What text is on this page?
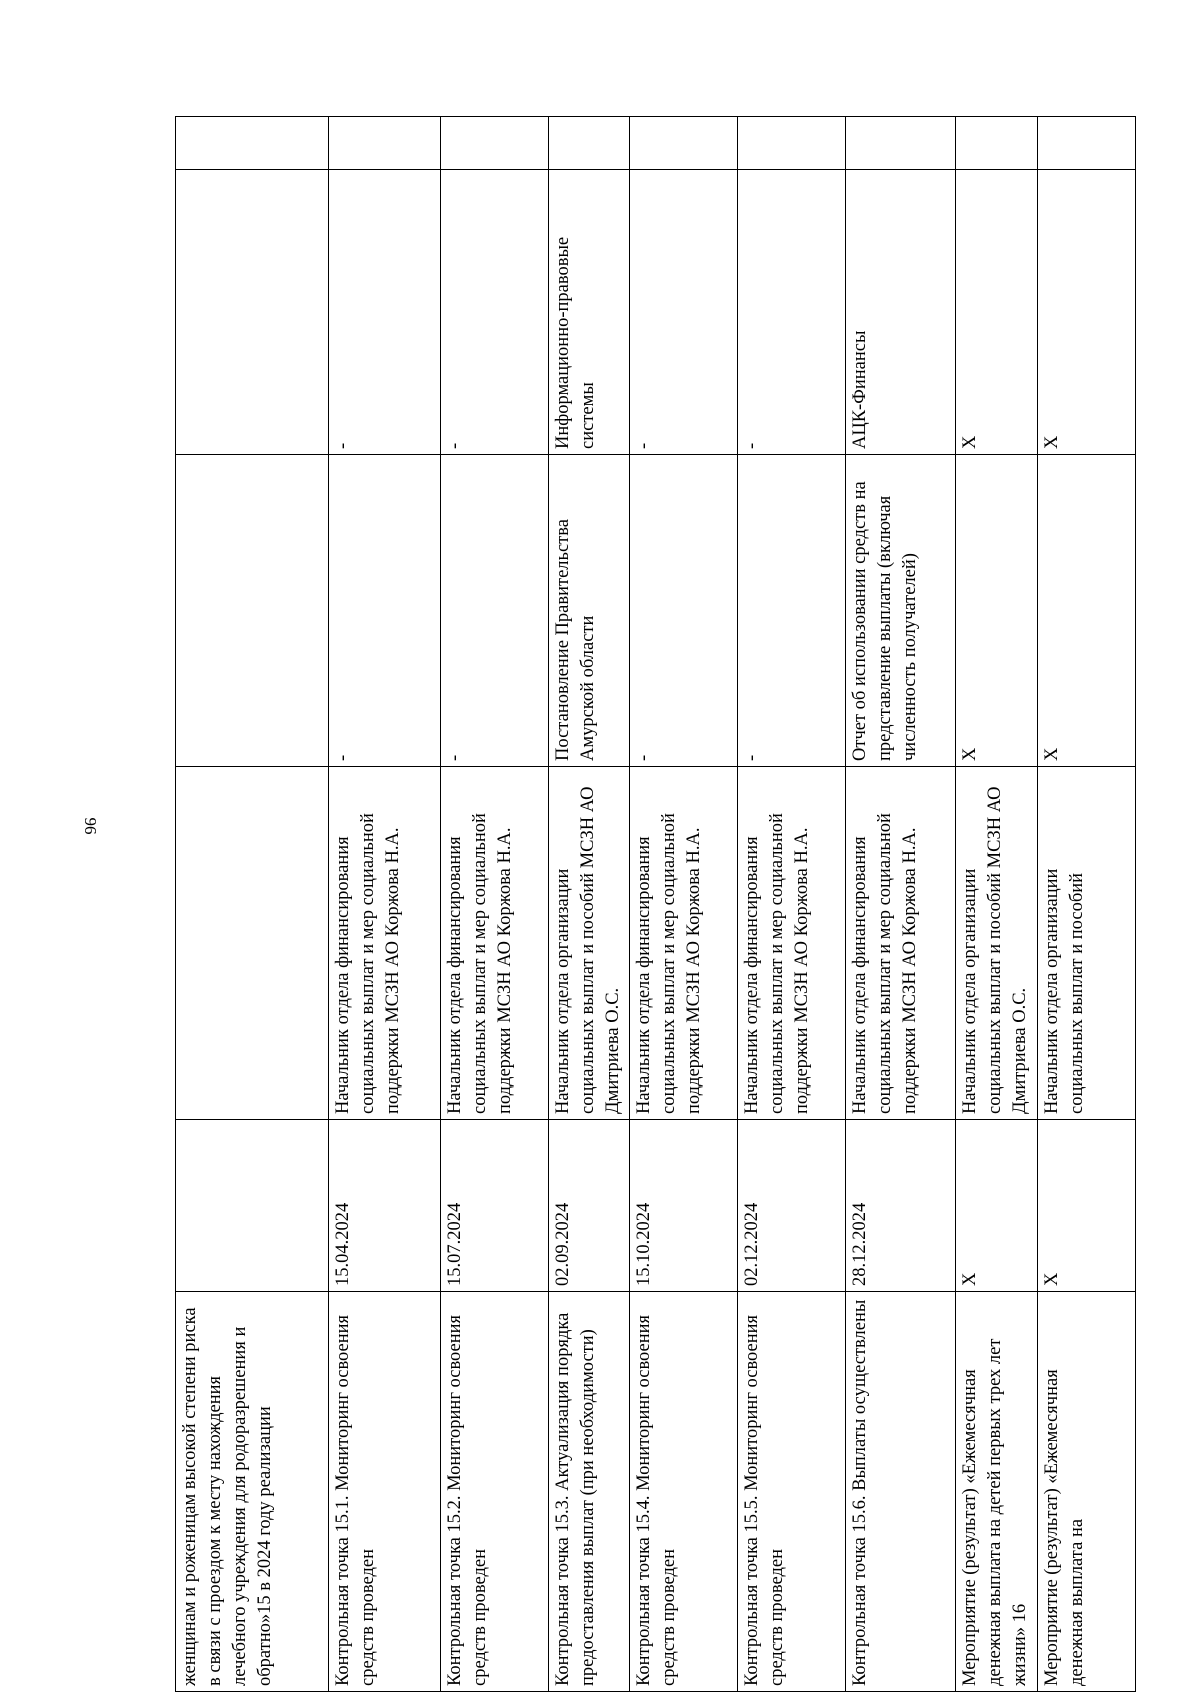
96
женщинам и роженицам высокой степени риска в связи с проездом к месту нахождения лечебного учреждения для родоразрешения и обратно»15 в 2024 году реализации					
Контрольная точка 15.1. Мониторинг освоения средств проведен	15.04.2024	Начальник отдела финансирования социальных выплат и мер социальной поддержки МСЗН АО Коржова Н.А.	-	-	
Контрольная точка 15.2. Мониторинг освоения средств проведен	15.07.2024	Начальник отдела финансирования социальных выплат и мер социальной поддержки МСЗН АО Коржова Н.А.	-	-	
Контрольная точка 15.3. Актуализация порядка предоставления выплат (при необходимости)	02.09.2024	Начальник отдела организации социальных выплат и пособий МСЗН АО Дмитриева О.С.	Постановление Правительства Амурской области	Информационно-правовые системы	
Контрольная точка 15.4. Мониторинг освоения средств проведен	15.10.2024	Начальник отдела финансирования социальных выплат и мер социальной поддержки МСЗН АО Коржова Н.А.	-	-	
Контрольная точка 15.5. Мониторинг освоения средств проведен	02.12.2024	Начальник отдела финансирования социальных выплат и мер социальной поддержки МСЗН АО Коржова Н.А.	-	-	
Контрольная точка 15.6. Выплаты осуществлены	28.12.2024	Начальник отдела финансирования социальных выплат и мер социальной поддержки МСЗН АО Коржова Н.А.	Отчет об использовании средств на представление выплаты (включая численность получателей)	АЦК-Финансы	
Мероприятие (результат) «Ежемесячная денежная выплата на детей первых трех лет жизни» 16	Х	Начальник отдела организации социальных выплат и пособий МСЗН АО Дмитриева О.С.	Х	Х	
Мероприятие (результат) «Ежемесячная денежная выплата на	Х	Начальник отдела организации социальных выплат и пособий	Х	Х	
